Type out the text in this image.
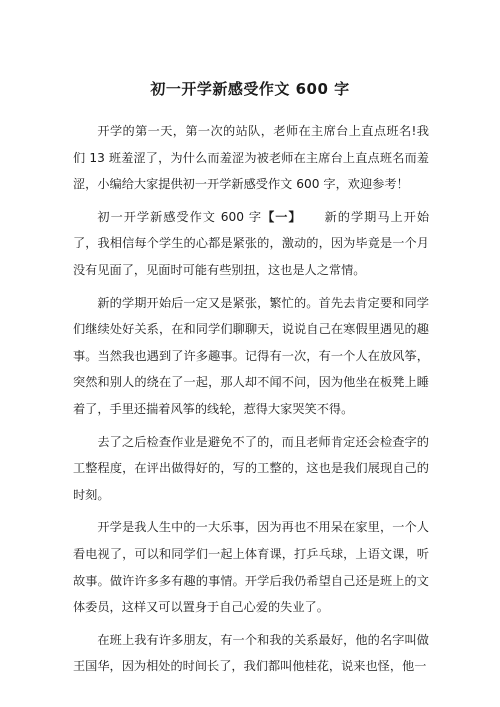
初一开学新感受作文 600 字

开学的第一天，第一次的站队，老师在主席台上直点班名!我们 13 班羞涩了，为什么而羞涩为被老师在主席台上直点班名而羞涩，小编给大家提供初一开学新感受作文 600 字，欢迎参考！

初一开学新感受作文 600 字【一】 新的学期马上开始了，我相信每个学生的心都是紧张的，激动的，因为毕竟是一个月没有见面了，见面时可能有些别扭，这也是人之常情。

新的学期开始后一定又是紧张，繁忙的。首先去肯定要和同学们继续处好关系，在和同学们聊聊天，说说自己在寒假里遇见的趣事。当然我也遇到了许多趣事。记得有一次，有一个人在放风筝，突然和别人的绕在了一起，那人却不闻不问，因为他坐在板凳上睡着了，手里还揣着风筝的线轮，惹得大家哭笑不得。

去了之后检查作业是避免不了的，而且老师肯定还会检查字的工整程度，在评出做得好的，写的工整的，这也是我们展现自己的时刻。

开学是我人生中的一大乐事，因为再也不用呆在家里，一个人看电视了，可以和同学们一起上体育课，打乒乓球，上语文课，听故事。做许许多多有趣的事情。开学后我仍希望自己还是班上的文体委员，这样又可以置身于自己心爱的失业了。

在班上我有许多朋友，有一个和我的关系最好，他的名字叫做王国华，因为相处的时间长了，我们都叫他桂花，说来也怪，他一
